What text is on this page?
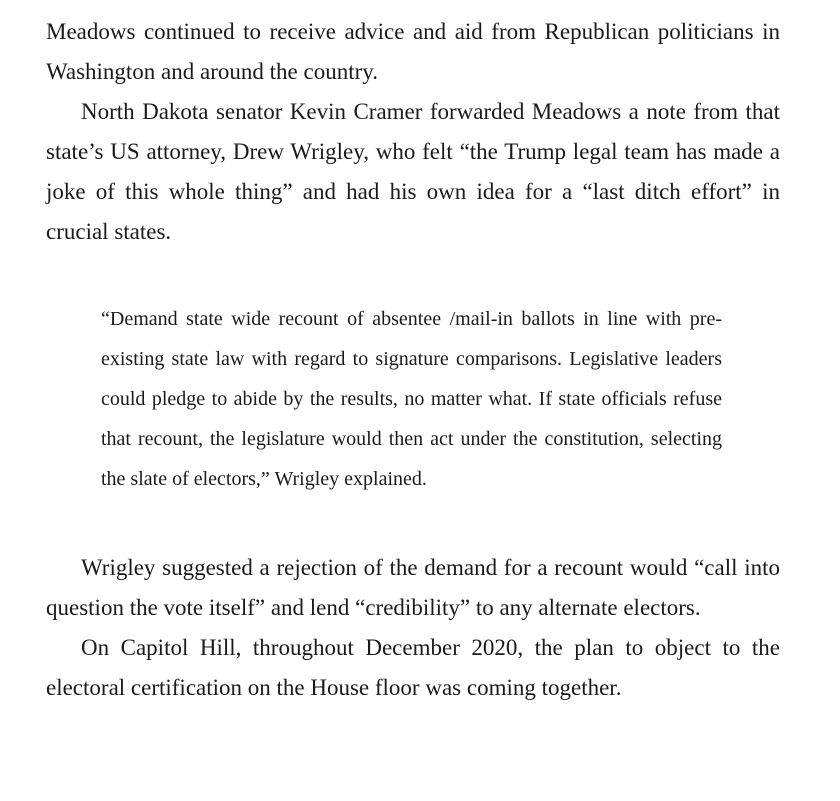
Meadows continued to receive advice and aid from Republican politicians in Washington and around the country.

North Dakota senator Kevin Cramer forwarded Meadows a note from that state’s US attorney, Drew Wrigley, who felt “the Trump legal team has made a joke of this whole thing” and had his own idea for a “last ditch effort” in crucial states.

“Demand state wide recount of absentee /mail-in ballots in line with pre-existing state law with regard to signature comparisons. Legislative leaders could pledge to abide by the results, no matter what. If state officials refuse that recount, the legislature would then act under the constitution, selecting the slate of electors,” Wrigley explained.

Wrigley suggested a rejection of the demand for a recount would “call into question the vote itself” and lend “credibility” to any alternate electors.

On Capitol Hill, throughout December 2020, the plan to object to the electoral certification on the House floor was coming together.
